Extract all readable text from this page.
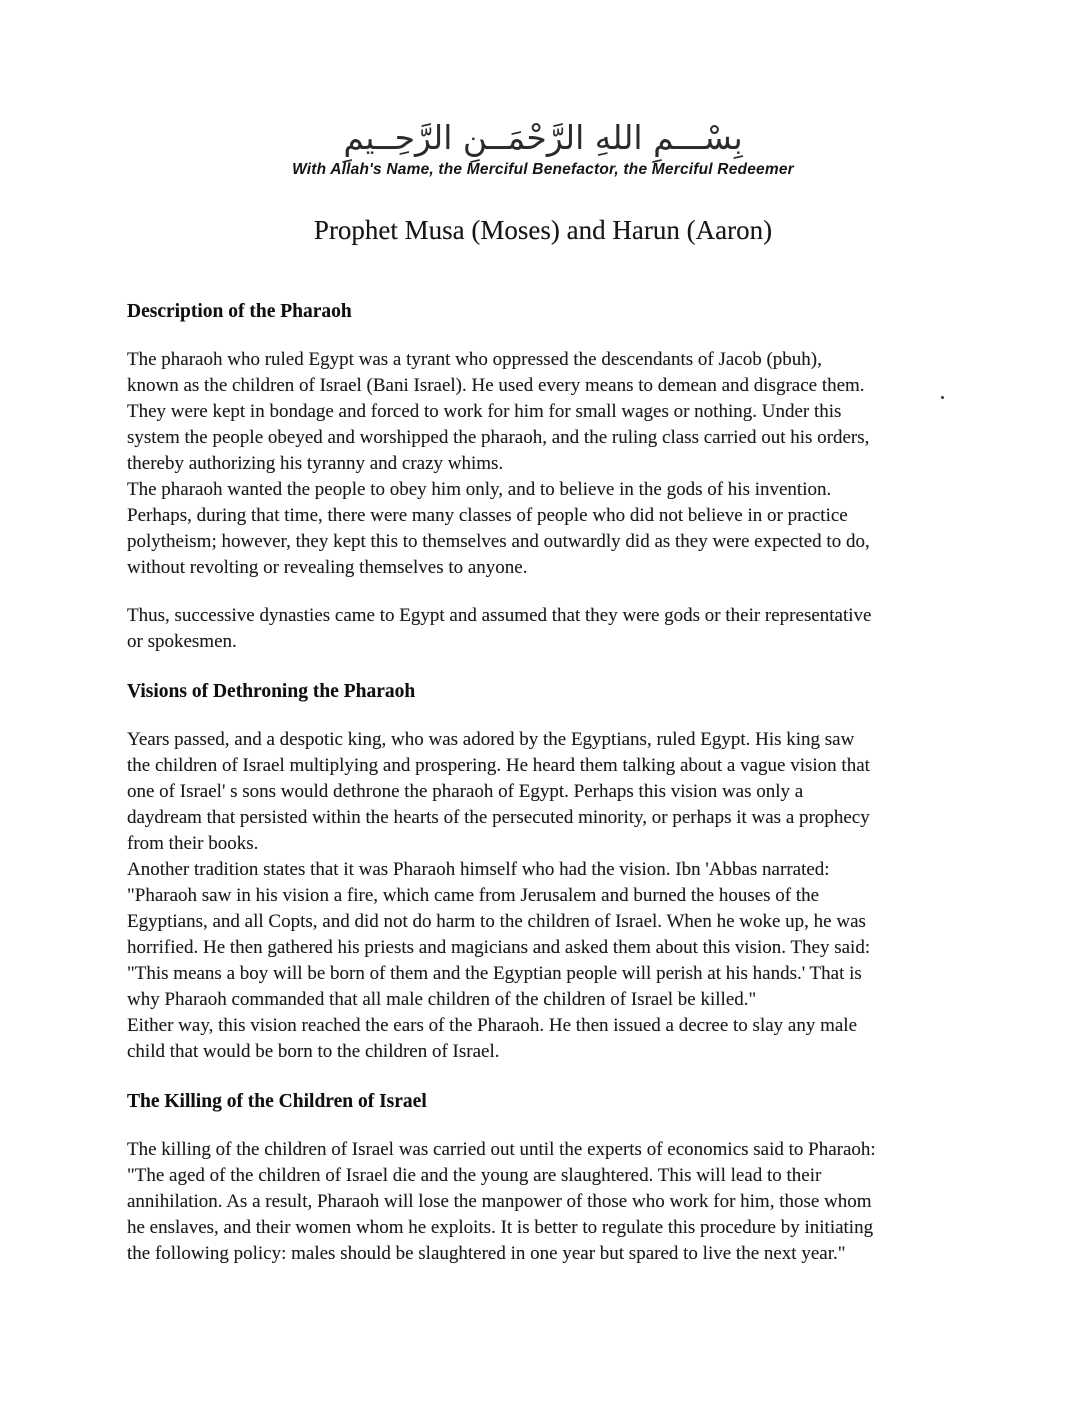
بِسْـــمِ اللهِ الرَّحْمَــنِ الرَّحِــيمِ
With Allah's Name, the Merciful Benefactor, the Merciful Redeemer
Prophet Musa (Moses) and Harun (Aaron)
Description of the Pharaoh
The pharaoh who ruled Egypt was a tyrant who oppressed the descendants of Jacob (pbuh),
known as the children of Israel (Bani Israel). He used every means to demean and disgrace them.
They were kept in bondage and forced to work for him for small wages or nothing. Under this
system the people obeyed and worshipped the pharaoh, and the ruling class carried out his orders,
thereby authorizing his tyranny and crazy whims.
The pharaoh wanted the people to obey him only, and to believe in the gods of his invention.
Perhaps, during that time, there were many classes of people who did not believe in or practice
polytheism; however, they kept this to themselves and outwardly did as they were expected to do,
without revolting or revealing themselves to anyone.
Thus, successive dynasties came to Egypt and assumed that they were gods or their representative
or spokesmen.
Visions of Dethroning the Pharaoh
Years passed, and a despotic king, who was adored by the Egyptians, ruled Egypt. His king saw
the children of Israel multiplying and prospering. He heard them talking about a vague vision that
one of Israel' s sons would dethrone the pharaoh of Egypt. Perhaps this vision was only a
daydream that persisted within the hearts of the persecuted minority, or perhaps it was a prophecy
from their books.
Another tradition states that it was Pharaoh himself who had the vision. Ibn 'Abbas narrated:
"Pharaoh saw in his vision a fire, which came from Jerusalem and burned the houses of the
Egyptians, and all Copts, and did not do harm to the children of Israel. When he woke up, he was
horrified. He then gathered his priests and magicians and asked them about this vision. They said:
"This means a boy will be born of them and the Egyptian people will perish at his hands.' That is
why Pharaoh commanded that all male children of the children of Israel be killed."
Either way, this vision reached the ears of the Pharaoh. He then issued a decree to slay any male
child that would be born to the children of Israel.
The Killing of the Children of Israel
The killing of the children of Israel was carried out until the experts of economics said to Pharaoh:
"The aged of the children of Israel die and the young are slaughtered. This will lead to their
annihilation. As a result, Pharaoh will lose the manpower of those who work for him, those whom
he enslaves, and their women whom he exploits. It is better to regulate this procedure by initiating
the following policy: males should be slaughtered in one year but spared to live the next year."
